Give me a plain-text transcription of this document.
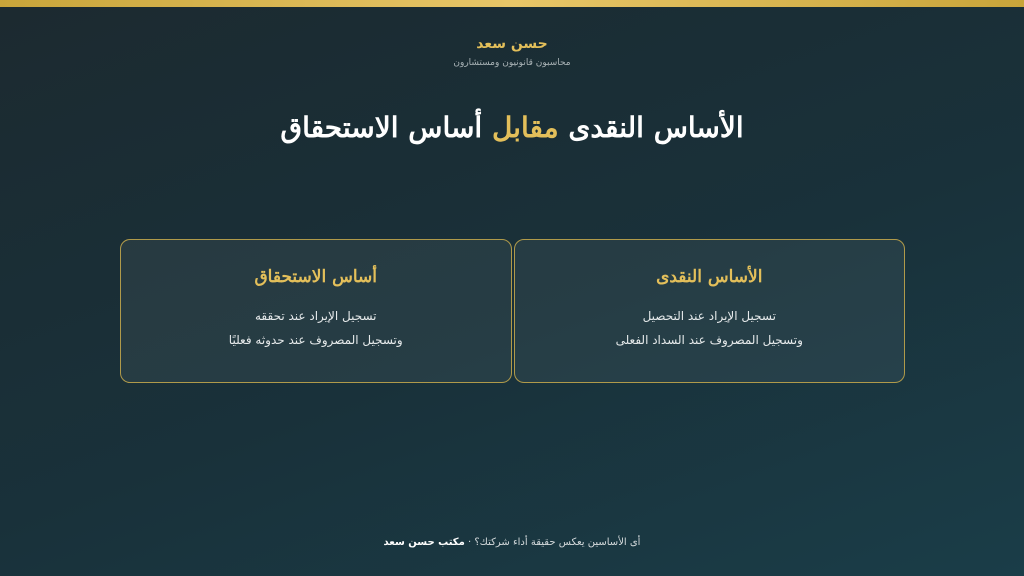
حسن سعد
محاسبون قانونيون ومستشارون
الأساس النقدى مقابل أساس الاستحقاق
الأساس النقدى
تسجيل الإيراد عند التحصيل
وتسجيل المصروف عند السداد الفعلى
أساس الاستحقاق
تسجيل الإيراد عند تحققه
وتسجيل المصروف عند حدوثه فعليًا
أى الأساسين يعكس حقيقة أداء شركتك؟ · مكتب حسن سعد
